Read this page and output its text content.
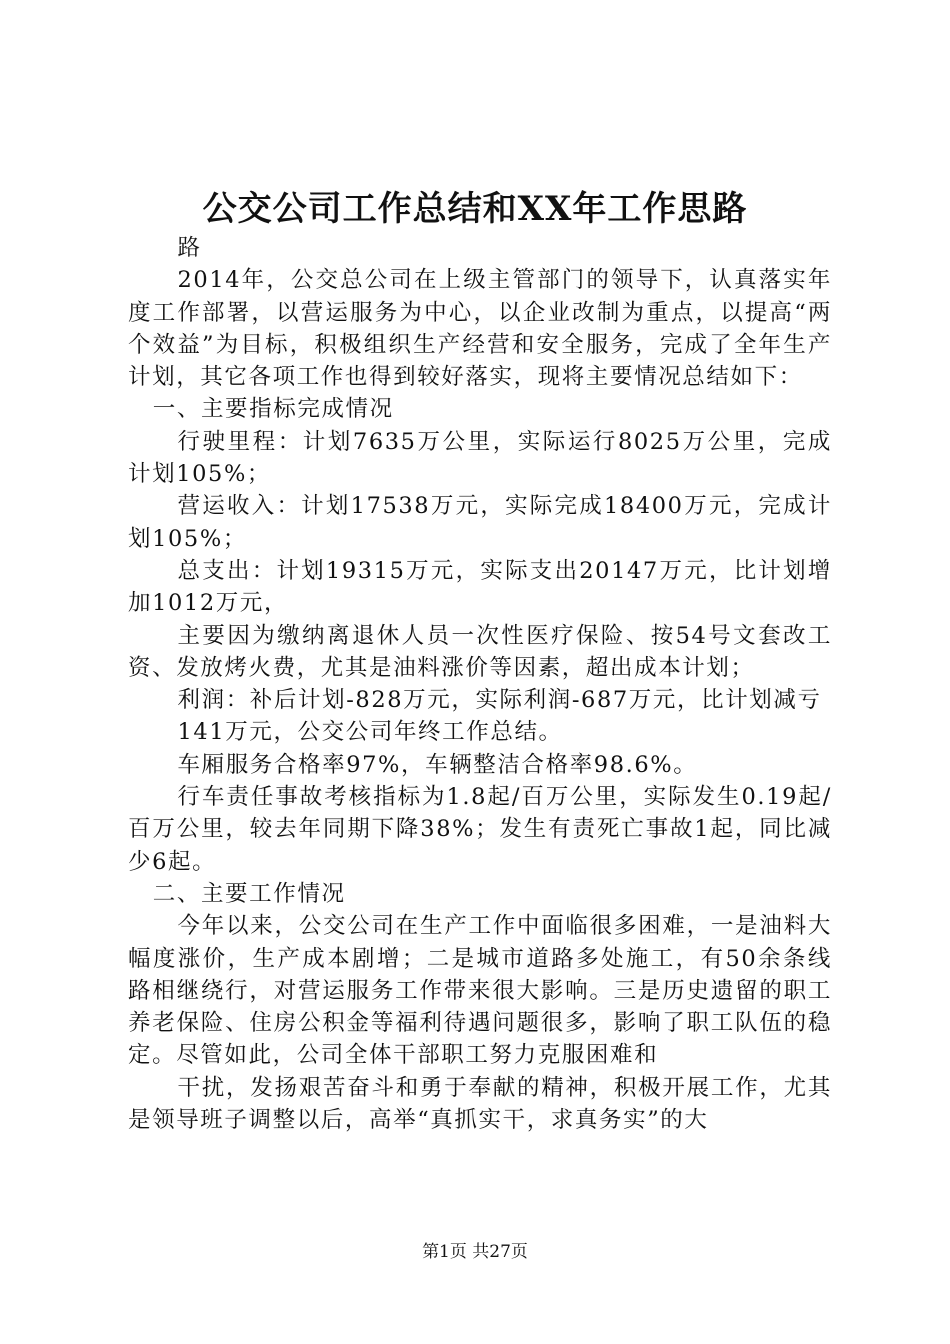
公交公司工作总结和XX年工作思路

路

2014年，公交总公司在上级主管部门的领导下，认真落实年度工作部署，以营运服务为中心，以企业改制为重点，以提高“两个效益”为目标，积极组织生产经营和安全服务，完成了全年生产计划，其它各项工作也得到较好落实，现将主要情况总结如下：

一、主要指标完成情况

行驶里程：计划7635万公里，实际运行8025万公里，完成计划105%；

营运收入：计划17538万元，实际完成18400万元，完成计划105%；

总支出：计划19315万元，实际支出20147万元，比计划增加1012万元，

主要因为缴纳离退休人员一次性医疗保险、按54号文套改工资、发放烤火费，尤其是油料涨价等因素，超出成本计划；

利润：补后计划-828万元，实际利润-687万元，比计划减亏

141万元，公交公司年终工作总结。

车厢服务合格率97%，车辆整洁合格率98.6%。

行车责任事故考核指标为1.8起/百万公里，实际发生0.19起/百万公里，较去年同期下降38%；发生有责死亡事故1起，同比减少6起。

二、主要工作情况

今年以来，公交公司在生产工作中面临很多困难，一是油料大幅度涨价，生产成本剧增；二是城市道路多处施工，有50余条线路相继绕行，对营运服务工作带来很大影响。三是历史遗留的职工养老保险、住房公积金等福利待遇问题很多，影响了职工队伍的稳定。尽管如此，公司全体干部职工努力克服困难和

干扰，发扬艰苦奋斗和勇于奉献的精神，积极开展工作，尤其是领导班子调整以后，高举“真抓实干，求真务实”的大

第1页 共27页
